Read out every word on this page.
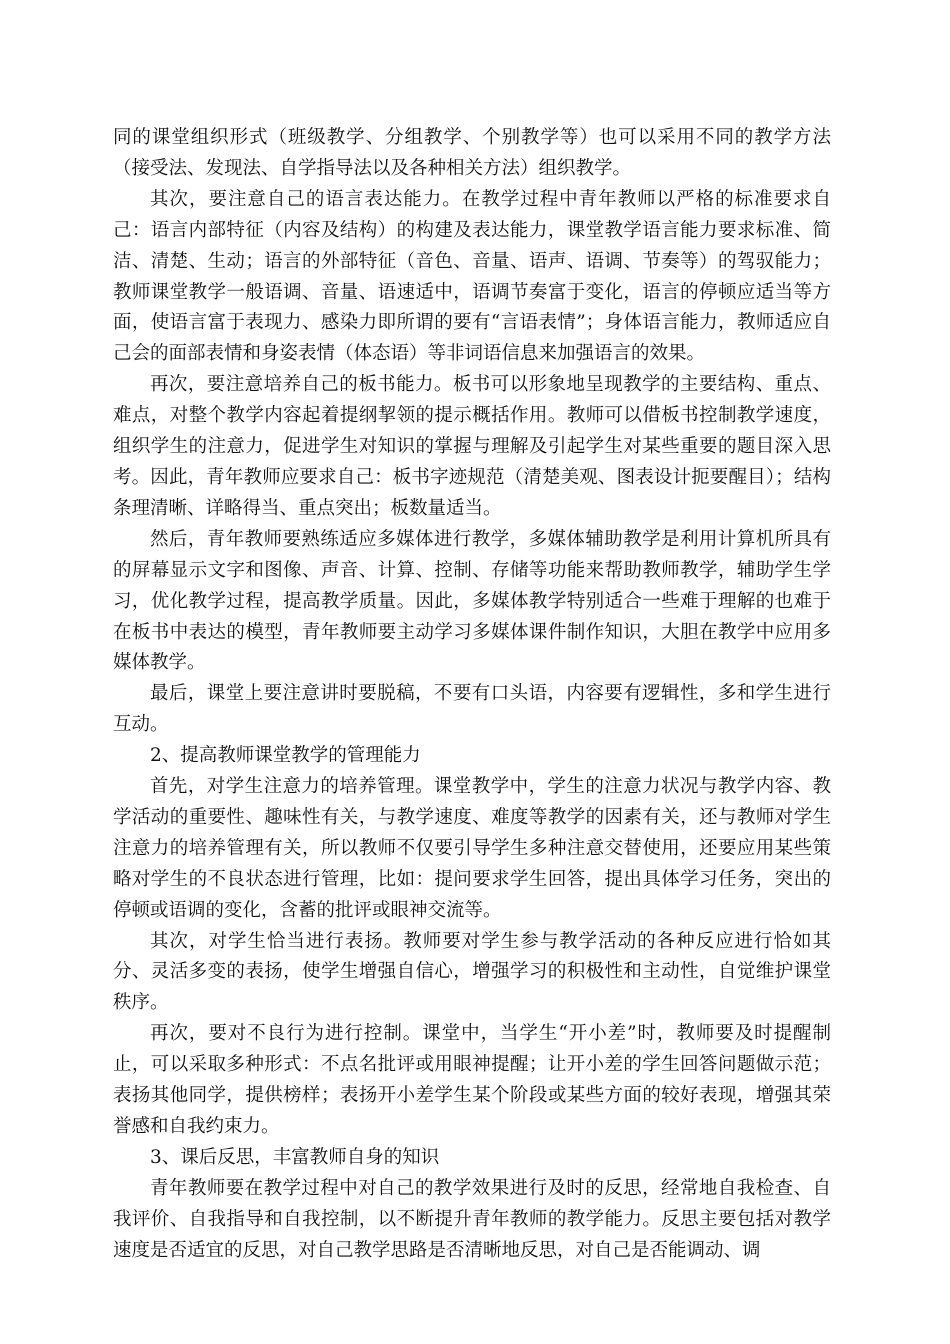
同的课堂组织形式（班级教学、分组教学、个别教学等）也可以采用不同的教学方法（接受法、发现法、自学指导法以及各种相关方法）组织教学。

其次，要注意自己的语言表达能力。在教学过程中青年教师以严格的标准要求自己：语言内部特征（内容及结构）的构建及表达能力，课堂教学语言能力要求标准、简洁、清楚、生动；语言的外部特征（音色、音量、语声、语调、节奏等）的驾驭能力；教师课堂教学一般语调、音量、语速适中，语调节奏富于变化，语言的停顿应适当等方面，使语言富于表现力、感染力即所谓的要有“言语表情”；身体语言能力，教师适应自己会的面部表情和身姿表情（体态语）等非词语信息来加强语言的效果。

再次，要注意培养自己的板书能力。板书可以形象地呈现教学的主要结构、重点、难点，对整个教学内容起着提纲挈领的提示概括作用。教师可以借板书控制教学速度，组织学生的注意力，促进学生对知识的掌握与理解及引起学生对某些重要的题目深入思考。因此，青年教师应要求自己：板书字迹规范（清楚美观、图表设计扼要醒目）；结构条理清晰、详略得当、重点突出；板数量适当。

然后，青年教师要熟练适应多媒体进行教学，多媒体辅助教学是利用计算机所具有的屏幕显示文字和图像、声音、计算、控制、存储等功能来帮助教师教学，辅助学生学习，优化教学过程，提高教学质量。因此，多媒体教学特别适合一些难于理解的也难于在板书中表达的模型，青年教师要主动学习多媒体课件制作知识，大胆在教学中应用多媒体教学。

最后，课堂上要注意讲时要脱稿，不要有口头语，内容要有逻辑性，多和学生进行互动。

2、提高教师课堂教学的管理能力

首先，对学生注意力的培养管理。课堂教学中，学生的注意力状况与教学内容、教学活动的重要性、趣味性有关，与教学速度、难度等教学的因素有关，还与教师对学生注意力的培养管理有关，所以教师不仅要引导学生多种注意交替使用，还要应用某些策略对学生的不良状态进行管理，比如：提问要求学生回答，提出具体学习任务，突出的停顿或语调的变化，含蓄的批评或眼神交流等。

其次，对学生恰当进行表扬。教师要对学生参与教学活动的各种反应进行恰如其分、灵活多变的表扬，使学生增强自信心，增强学习的积极性和主动性，自觉维护课堂秩序。

再次，要对不良行为进行控制。课堂中，当学生“开小差”时，教师要及时提醒制止，可以采取多种形式：不点名批评或用眼神提醒；让开小差的学生回答问题做示范；表扬其他同学，提供榜样；表扬开小差学生某个阶段或某些方面的较好表现，增强其荣誉感和自我约束力。

3、课后反思，丰富教师自身的知识

青年教师要在教学过程中对自己的教学效果进行及时的反思，经常地自我检查、自我评价、自我指导和自我控制，以不断提升青年教师的教学能力。反思主要包括对教学速度是否适宜的反思，对自己教学思路是否清晰地反思，对自己是否能调动、调
